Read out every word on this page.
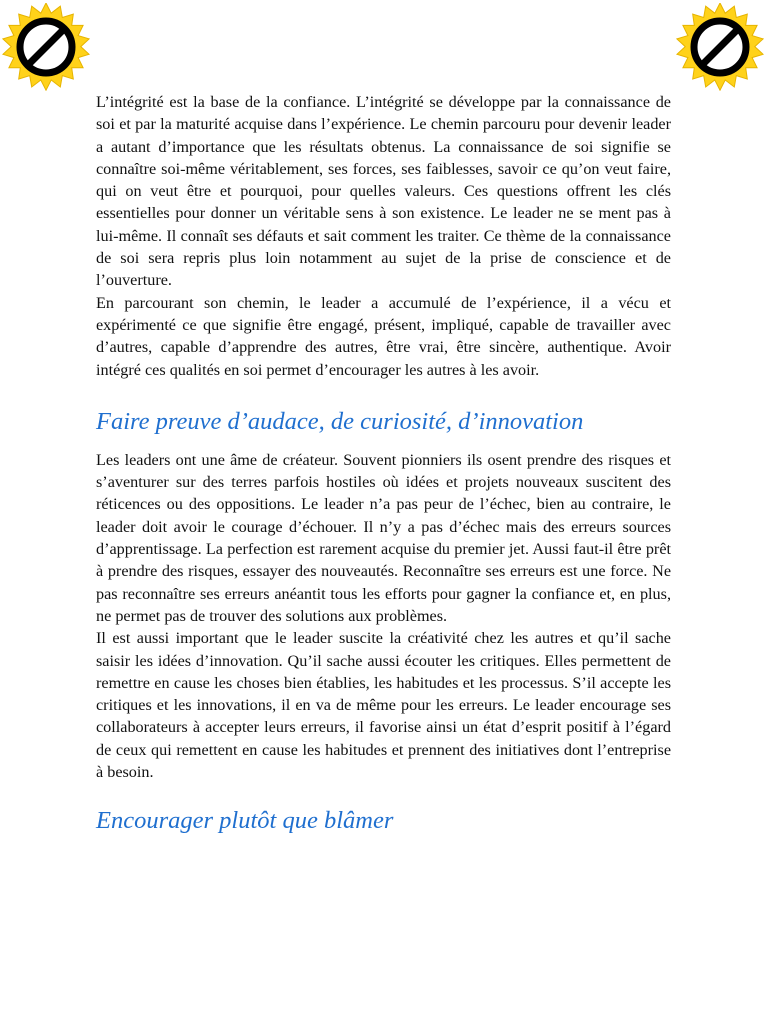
L’intégrité est la base de la confiance. L’intégrité se développe par la connaissance de soi et par la maturité acquise dans l’expérience. Le chemin parcouru pour devenir leader a autant d’importance que les résultats obtenus. La connaissance de soi signifie se connaître soi-même véritablement, ses forces, ses faiblesses, savoir ce qu’on veut faire, qui on veut être et pourquoi, pour quelles valeurs. Ces questions offrent les clés essentielles pour donner un véritable sens à son existence. Le leader ne se ment pas à lui-même. Il connaît ses défauts et sait comment les traiter. Ce thème de la connaissance de soi sera repris plus loin notamment au sujet de la prise de conscience et de l’ouverture.

En parcourant son chemin, le leader a accumulé de l’expérience, il a vécu et expérimenté ce que signifie être engagé, présent, impliqué, capable de travailler avec d’autres, capable d’apprendre des autres, être vrai, être sincère, authentique. Avoir intégré ces qualités en soi permet d’encourager les autres à les avoir.

Faire preuve d’audace, de curiosité, d’innovation

Les leaders ont une âme de créateur. Souvent pionniers ils osent prendre des risques et s’aventurer sur des terres parfois hostiles où idées et projets nouveaux suscitent des réticences ou des oppositions. Le leader n’a pas peur de l’échec, bien au contraire, le leader doit avoir le courage d’échouer. Il n’y a pas d’échec mais des erreurs sources d’apprentissage. La perfection est rarement acquise du premier jet. Aussi faut-il être prêt à prendre des risques, essayer des nouveautés. Reconnaître ses erreurs est une force. Ne pas reconnaître ses erreurs anéantit tous les efforts pour gagner la confiance et, en plus, ne permet pas de trouver des solutions aux problèmes.

Il est aussi important que le leader suscite la créativité chez les autres et qu’il sache saisir les idées d’innovation. Qu’il sache aussi écouter les critiques. Elles permettent de remettre en cause les choses bien établies, les habitudes et les processus. S’il accepte les critiques et les innovations, il en va de même pour les erreurs. Le leader encourage ses collaborateurs à accepter leurs erreurs, il favorise ainsi un état d’esprit positif à l’égard de ceux qui remettent en cause les habitudes et prennent des initiatives dont l’entreprise à besoin.

Encourager plutôt que blâmer
